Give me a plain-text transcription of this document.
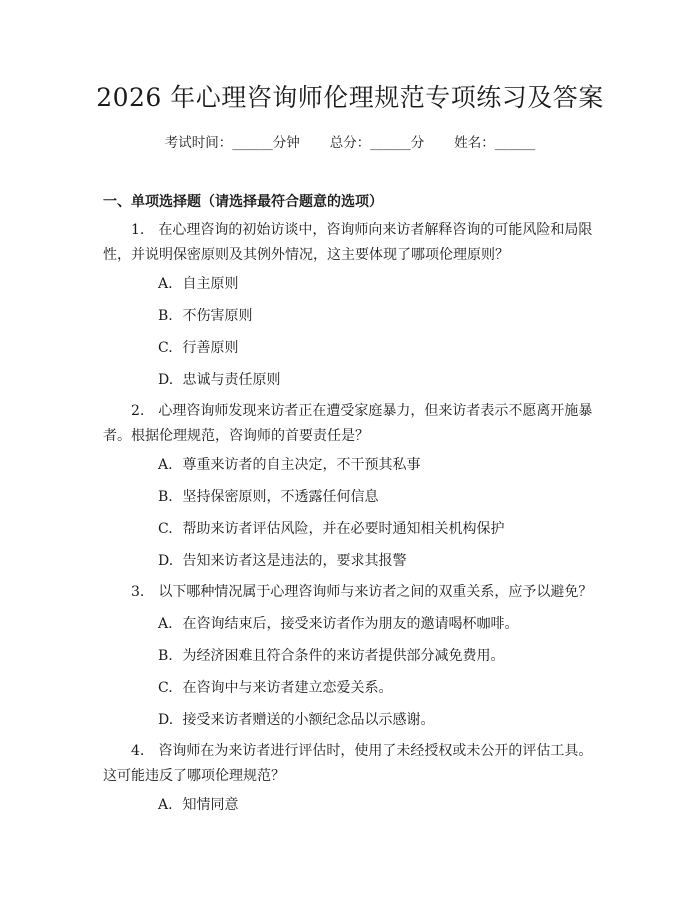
2026 年心理咨询师伦理规范专项练习及答案
考试时间：______分钟 总分：______分 姓名：______
一、单项选择题（请选择最符合题意的选项）

1.　在心理咨询的初始访谈中，咨询师向来访者解释咨询的可能风险和局限性，并说明保密原则及其例外情况，这主要体现了哪项伦理原则？

A. 自主原则
B. 不伤害原则
C. 行善原则
D. 忠诚与责任原则

2.　心理咨询师发现来访者正在遭受家庭暴力，但来访者表示不愿离开施暴者。根据伦理规范，咨询师的首要责任是？

A. 尊重来访者的自主决定，不干预其私事
B. 坚持保密原则，不透露任何信息
C. 帮助来访者评估风险，并在必要时通知相关机构保护
D. 告知来访者这是违法的，要求其报警

3.　以下哪种情况属于心理咨询师与来访者之间的双重关系，应予以避免？

A. 在咨询结束后，接受来访者作为朋友的邀请喝杯咖啡。
B. 为经济困难且符合条件的来访者提供部分减免费用。
C. 在咨询中与来访者建立恋爱关系。
D. 接受来访者赠送的小额纪念品以示感谢。

4.　咨询师在为来访者进行评估时，使用了未经授权或未公开的评估工具。这可能违反了哪项伦理规范？

A. 知情同意
